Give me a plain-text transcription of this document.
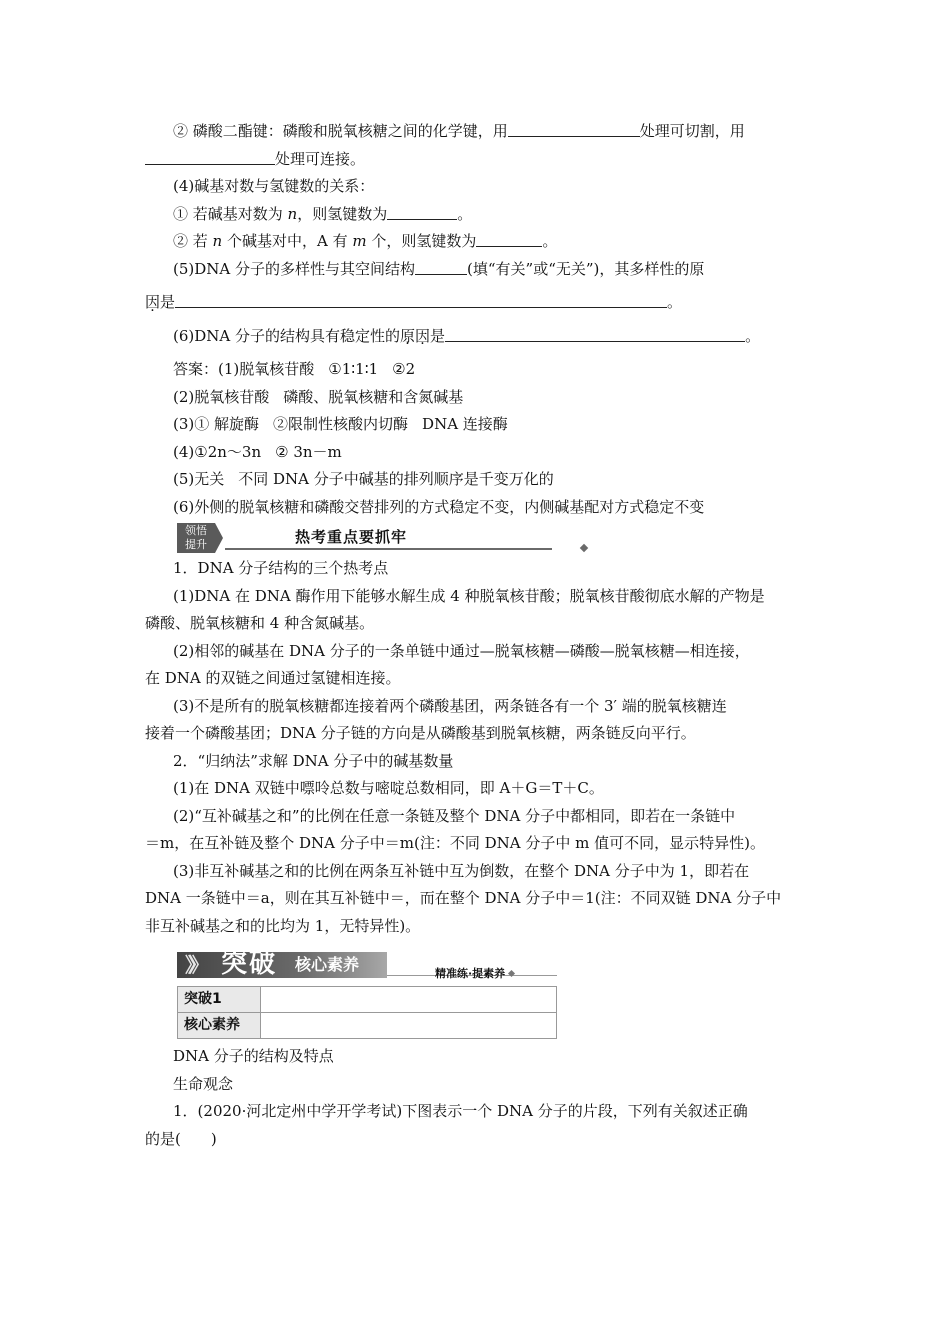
② 磷酸二酯键：磷酸和脱氧核糖之间的化学键，用	处理可切割，用
处理可连接。
(4)碱基对数与氢键数的关系：
① 若碱基对数为 n，则氢键数为	。
② 若 n 个碱基对中，A 有 m 个，则氢键数为	。
(5)DNA 分子的多样性与其空间结构	(填“有关”或“无关”)，其多样性的原
因是	。
(6)DNA 分子的结构具有稳定性的原因是	。
答案：(1)脱氧核苷酸 ①1∶1∶1 ②2
(2)脱氧核苷酸 磷酸、脱氧核糖和含氮碱基
(3)① 解旋酶 ②限制性核酸内切酶 DNA 连接酶
(4)①2n～3n ② 3n－m
(5)无关 不同 DNA 分子中碱基的排列顺序是千变万化的
(6)外侧的脱氧核糖和磷酸交替排列的方式稳定不变，内侧碱基配对方式稳定不变
领悟
提升	热考重点要抓牢
1．DNA 分子结构的三个热考点
(1)DNA 在 DNA 酶作用下能够水解生成 4 种脱氧核苷酸；脱氧核苷酸彻底水解的产物是
磷酸、脱氧核糖和 4 种含氮碱基。
(2)相邻的碱基在 DNA 分子的一条单链中通过—脱氧核糖—磷酸—脱氧核糖—相连接，
在 DNA 的双链之间通过氢键相连接。
(3)不是所有的脱氧核糖都连接着两个磷酸基团，两条链各有一个 3′ 端的脱氧核糖连
接着一个磷酸基团；DNA 分子链的方向是从磷酸基到脱氧核糖，两条链反向平行。
2．“归纳法”求解 DNA 分子中的碱基数量
(1)在 DNA 双链中嘌呤总数与嘧啶总数相同，即 A＋G＝T＋C。
(2)“互补碱基之和”的比例在任意一条链及整个 DNA 分子中都相同，即若在一条链中
＝m，在互补链及整个 DNA 分子中＝m(注：不同 DNA 分子中 m 值可不同，显示特异性)。
(3)非互补碱基之和的比例在两条互补链中互为倒数，在整个 DNA 分子中为 1，即若在
DNA 一条链中＝a，则在其互补链中＝，而在整个 DNA 分子中＝1(注：不同双链 DNA 分子中
非互补碱基之和的比均为 1，无特异性)。
》》 突破 核心素养	精准练·提素养
突破1
核心素养
DNA 分子的结构及特点
生命观念
1．(2020·河北定州中学开学考试)下图表示一个 DNA 分子的片段，下列有关叙述正确
的是(　　)
